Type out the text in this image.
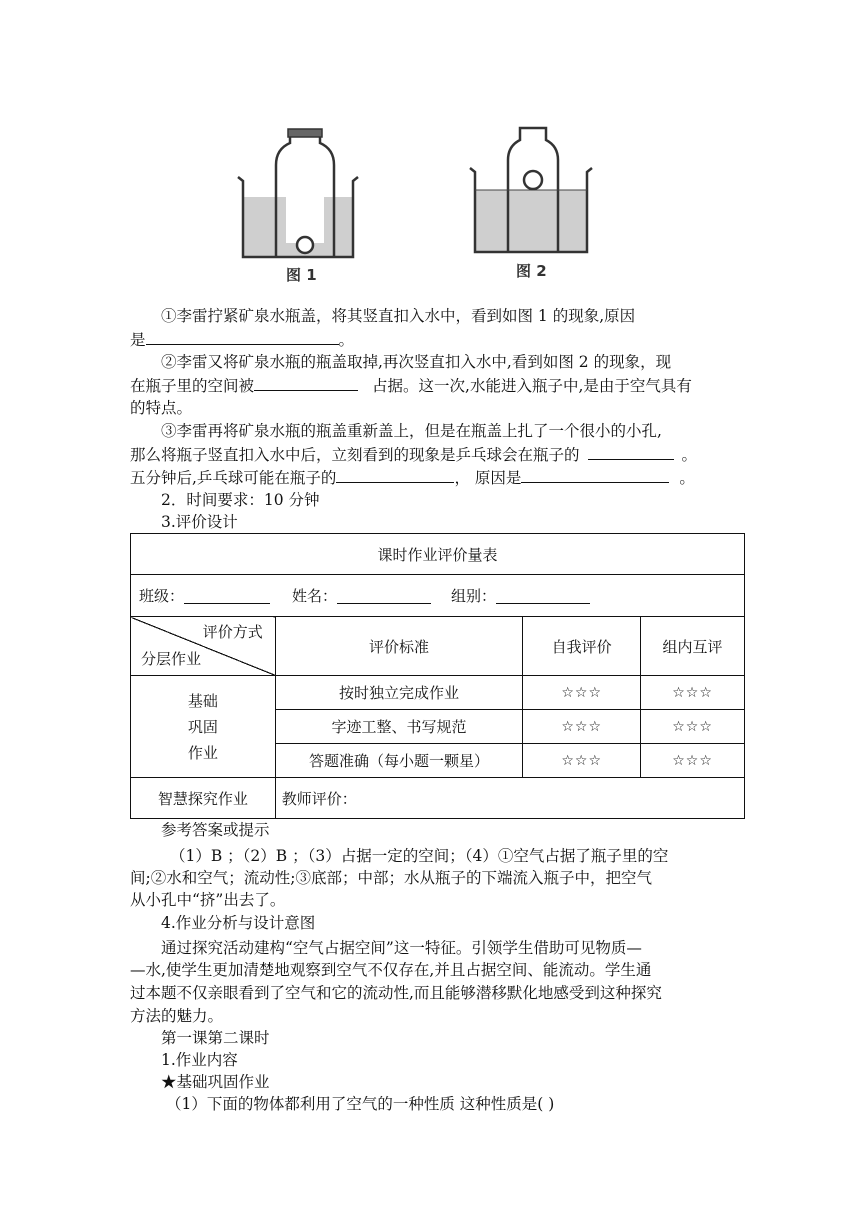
图 1	图 2
①李雷拧紧矿泉水瓶盖，将其竖直扣入水中，看到如图 1 的现象,原因
是	。
②李雷又将矿泉水瓶的瓶盖取掉,再次竖直扣入水中,看到如图 2 的现象，现
在瓶子里的空间被	占据。这一次,水能进入瓶子中,是由于空气具有
的特点。
③李雷再将矿泉水瓶的瓶盖重新盖上，但是在瓶盖上扎了一个很小的小孔,
那么将瓶子竖直扣入水中后，立刻看到的现象是乒乓球会在瓶子的	。
五分钟后,乒乓球可能在瓶子的	， 原因是	。
2．时间要求：10 分钟
3.评价设计
课时作业评价量表			
班级： 姓名： 组别：			

评价方式
分层作业	评价标准	自我评价	组内互评

基础
巩固
作业	按时独立完成作业	☆☆☆	☆☆☆
	字迹工整、书写规范	☆☆☆	☆☆☆
	答题准确（每小题一颗星）	☆☆☆	☆☆☆
智慧探究作业	教师评价：		
参考答案或提示
（1）B ；（2）B ；（3）占据一定的空间；（4）①空气占据了瓶子里的空
间;②水和空气；流动性;③底部；中部；水从瓶子的下端流入瓶子中，把空气
从小孔中“挤”出去了。
4.作业分析与设计意图
通过探究活动建构“空气占据空间”这一特征。引领学生借助可见物质—
—水,使学生更加清楚地观察到空气不仅存在,并且占据空间、能流动。学生通
过本题不仅亲眼看到了空气和它的流动性,而且能够潜移默化地感受到这种探究
方法的魅力。
第一课第二课时
1.作业内容
★基础巩固作业
（1）下面的物体都利用了空气的一种性质 这种性质是( )
